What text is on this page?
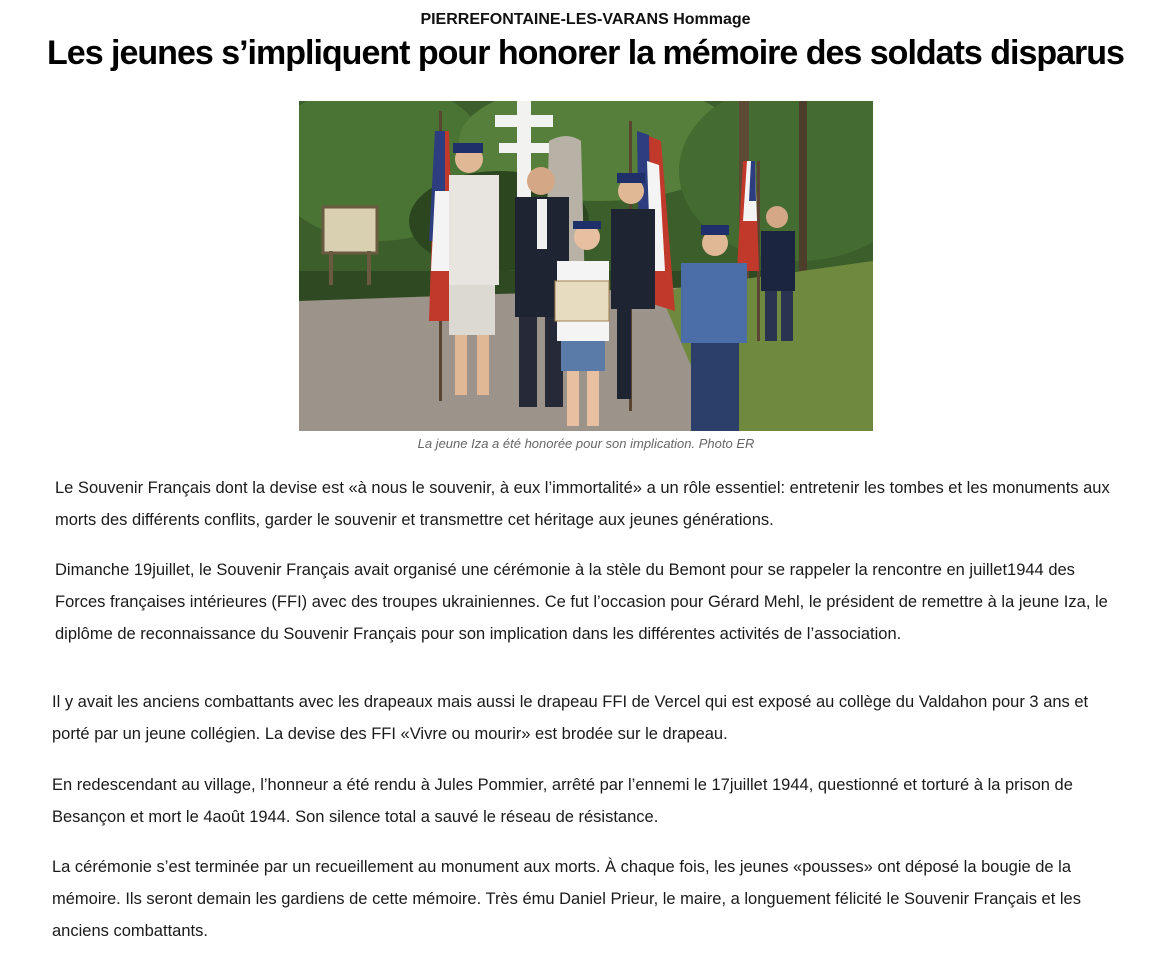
PIERREFONTAINE-LES-VARANS Hommage
Les jeunes s’impliquent pour honorer la mémoire des soldats disparus
La jeune Iza a été honorée pour son implication. Photo ER
Le Souvenir Français dont la devise est «à nous le souvenir, à eux l’immortalité» a un rôle essentiel: entretenir les tombes et les monuments aux morts des différents conflits, garder le souvenir et transmettre cet héritage aux jeunes générations.
Dimanche 19juillet, le Souvenir Français avait organisé une cérémonie à la stèle du Bemont pour se rappeler la rencontre en juillet1944 des Forces françaises intérieures (FFI) avec des troupes ukrainiennes. Ce fut l’occasion pour Gérard Mehl, le président de remettre à la jeune Iza, le diplôme de reconnaissance du Souvenir Français pour son implication dans les différentes activités de l’association.
Il y avait les anciens combattants avec les drapeaux mais aussi le drapeau FFI de Vercel qui est exposé au collège du Valdahon pour 3 ans et porté par un jeune collégien. La devise des FFI «Vivre ou mourir» est brodée sur le drapeau.
En redescendant au village, l’honneur a été rendu à Jules Pommier, arrêté par l’ennemi le 17juillet 1944, questionné et torturé à la prison de Besançon et mort le 4août 1944. Son silence total a sauvé le réseau de résistance.
La cérémonie s’est terminée par un recueillement au monument aux morts. À chaque fois, les jeunes «pousses» ont déposé la bougie de la mémoire. Ils seront demain les gardiens de cette mémoire. Très ému Daniel Prieur, le maire, a longuement félicité le Souvenir Français et les anciens combattants.
